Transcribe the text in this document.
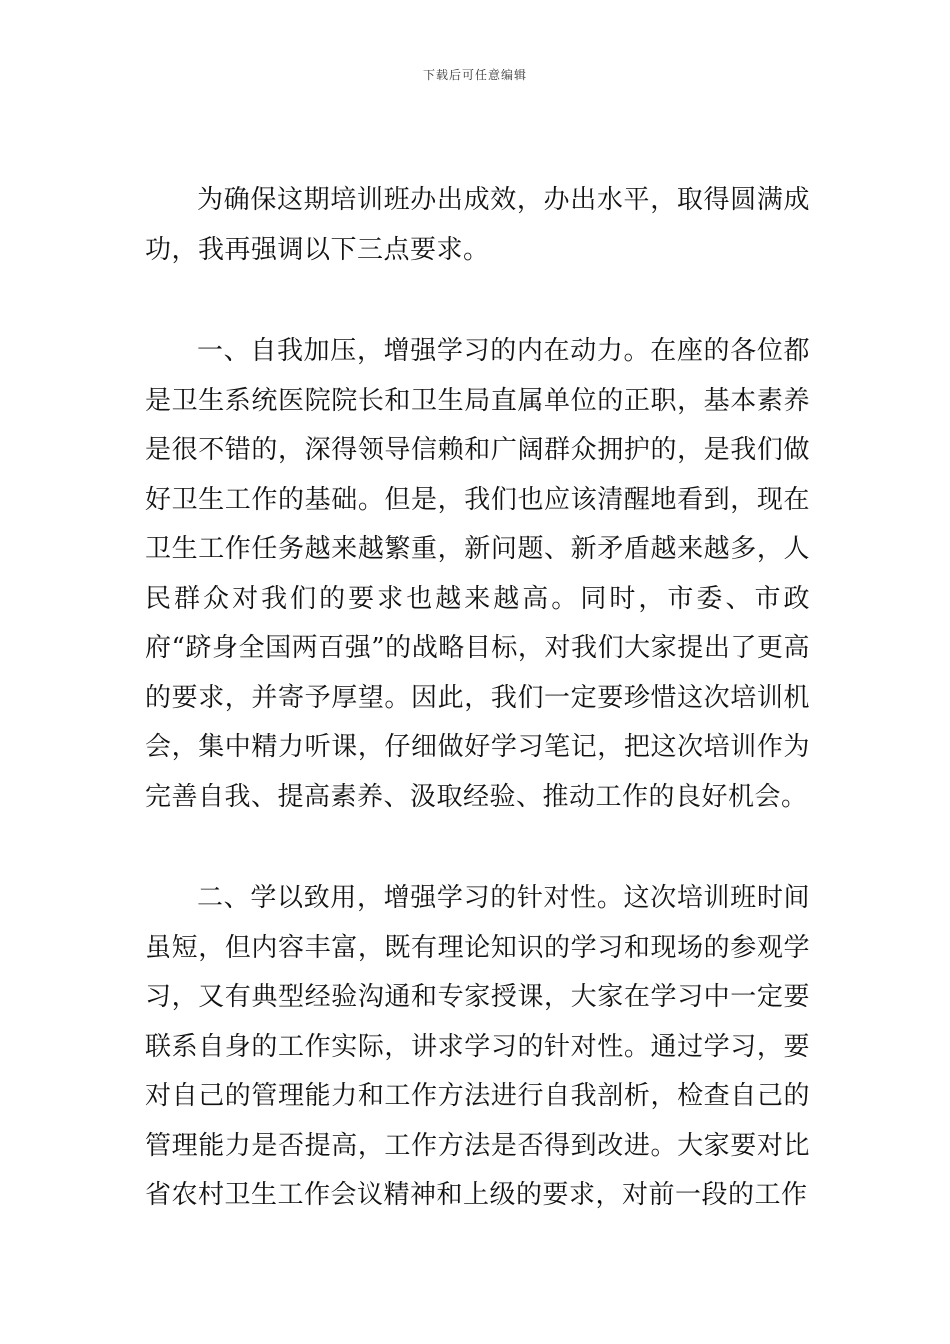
下载后可任意编辑

为确保这期培训班办出成效，办出水平，取得圆满成功，我再强调以下三点要求。

一、自我加压，增强学习的内在动力。在座的各位都是卫生系统医院院长和卫生局直属单位的正职，基本素养是很不错的，深得领导信赖和广阔群众拥护的，是我们做好卫生工作的基础。但是，我们也应该清醒地看到，现在卫生工作任务越来越繁重，新问题、新矛盾越来越多，人民群众对我们的要求也越来越高。同时，市委、市政府“跻身全国两百强”的战略目标，对我们大家提出了更高的要求，并寄予厚望。因此，我们一定要珍惜这次培训机会，集中精力听课，仔细做好学习笔记，把这次培训作为完善自我、提高素养、汲取经验、推动工作的良好机会。

二、学以致用，增强学习的针对性。这次培训班时间虽短，但内容丰富，既有理论知识的学习和现场的参观学习，又有典型经验沟通和专家授课，大家在学习中一定要联系自身的工作实际，讲求学习的针对性。通过学习，要对自己的管理能力和工作方法进行自我剖析，检查自己的管理能力是否提高，工作方法是否得到改进。大家要对比省农村卫生工作会议精神和上级的要求，对前一段的工作
